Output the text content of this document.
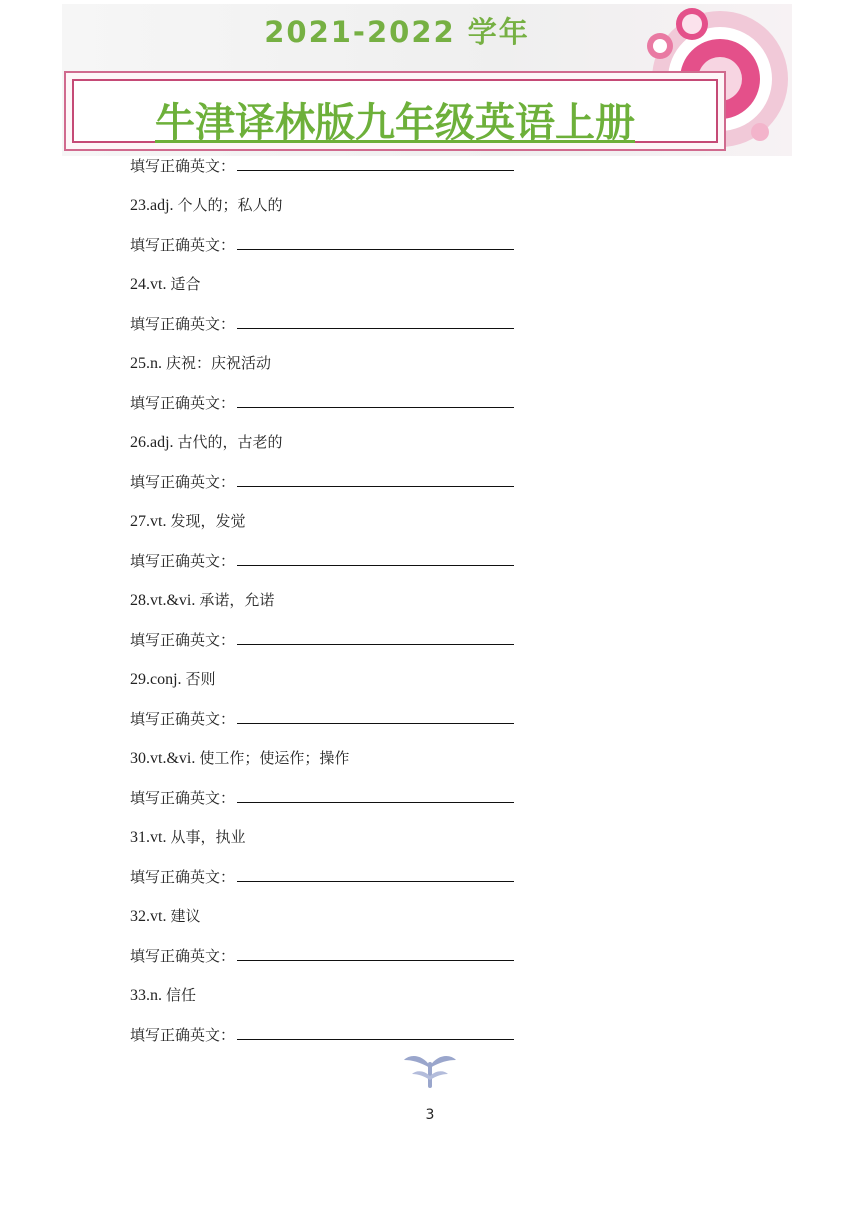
2021-2022 学年
牛津译林版九年级英语上册
填写正确英文：
23.adj. 个人的；私人的
填写正确英文：
24.vt. 适合
填写正确英文：
25.n. 庆祝：庆祝活动
填写正确英文：
26.adj. 古代的，古老的
填写正确英文：
27.vt. 发现，发觉
填写正确英文：
28.vt.&vi. 承诺，允诺
填写正确英文：
29.conj. 否则
填写正确英文：
30.vt.&vi. 使工作；使运作；操作
填写正确英文：
31.vt. 从事，执业
填写正确英文：
32.vt. 建议
填写正确英文：
33.n. 信任
填写正确英文：
3
